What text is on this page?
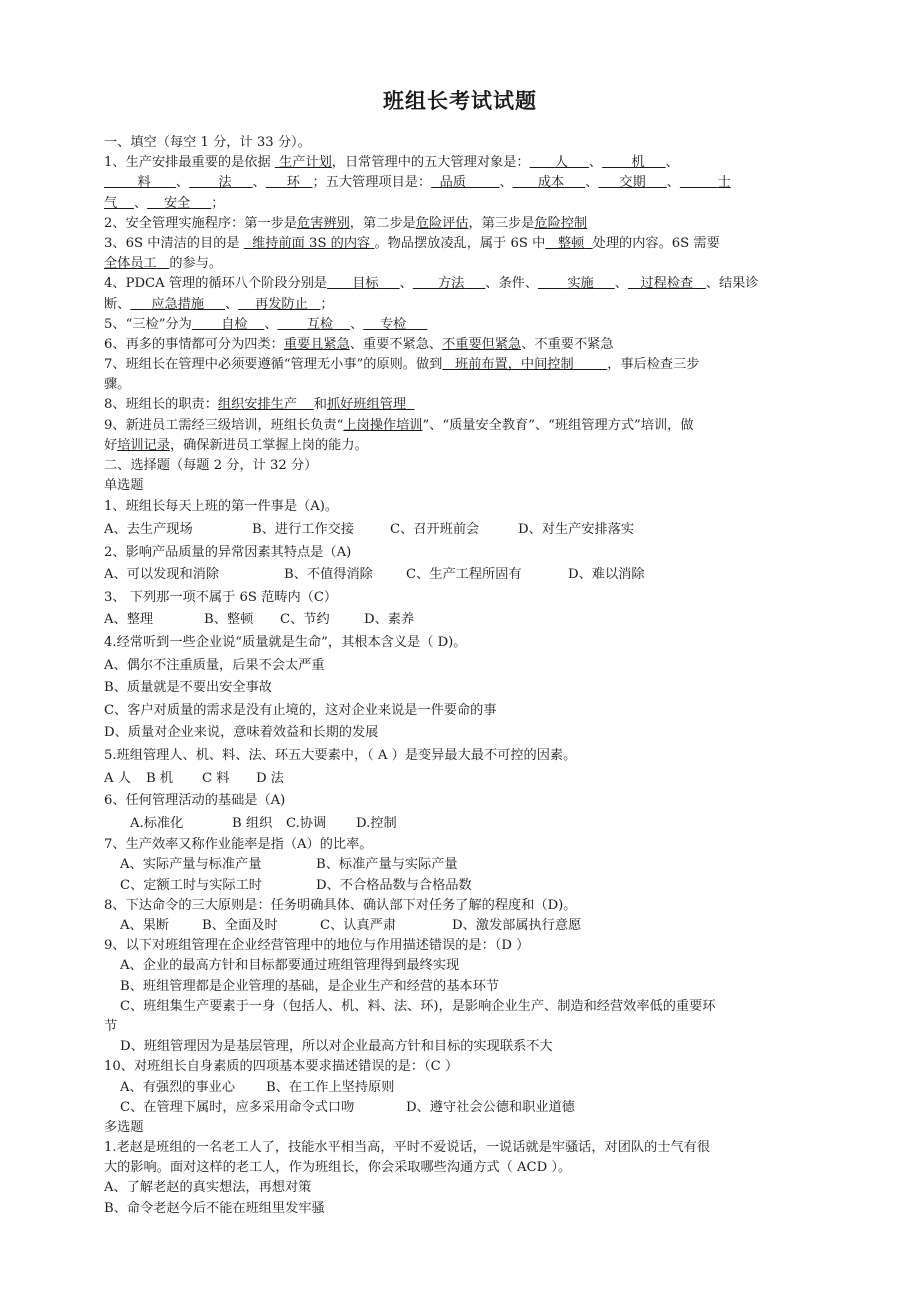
班组长考试试题
一、填空（每空 1 分，计 33 分）。
1、生产安排最重要的是依据 生产计划，日常管理中的五大管理对象是： 人 、 机 、
料 、 法 、 环 ；五大管理项目是： 品质	、 成本 、 交期 、	士
气 、 安全 ；
2、安全管理实施程序：第一步是危害辨别，第二步是危险评估，第三步是危险控制
3、6S 中清洁的目的是 维持前面 3S 的内容 。物品摆放凌乱，属于 6S 中 整顿 处理的内容。6S 需要
全体员工 的参与。
4、PDCA 管理的循环八个阶段分别是 目标 、 方法 、条件、 实施 、 过程检查 、结果诊
断、 应急措施 、 再发防止 ；
5、“三检”分为 自检 、 互检 、 专检
6、再多的事情都可分为四类：重要且紧急、重要不紧急、不重要但紧急、不重要不紧急
7、班组长在管理中必须要遵循“管理无小事”的原则。做到 班前布置，中间控制	，事后检查三步
骤。
8、班组长的职责：组织安排生产 和抓好班组管理
9、新进员工需经三级培训，班组长负责“上岗操作培训”、“质量安全教育”、“班组管理方式”培训，做
好培训记录，确保新进员工掌握上岗的能力。
二、选择题（每题 2 分，计 32 分）
单选题
1、班组长每天上班的第一件事是（A)。
A、去生产现场	B、进行工作交接	C、召开班前会	D、对生产安排落实
2、影响产品质量的异常因素其特点是（A)
A、可以发现和消除	B、不值得消除	C、生产工程所固有	D、难以消除
3、 下列那一项不属于 6S 范畴内（C）
A、整理	B、整顿 C、节约	D、素养
4.经常听到一些企业说“质量就是生命”，其根本含义是（ D)。
A、偶尔不注重质量，后果不会太严重
B、质量就是不要出安全事故
C、客户对质量的需求是没有止境的，这对企业来说是一件要命的事
D、质量对企业来说，意味着效益和长期的发展
5.班组管理人、机、料、法、环五大要素中，（ A ）是变异最大最不可控的因素。
A 人 B 机 C 料 D 法
6、任何管理活动的基础是（A)
A.标准化	B 组织 C.协调 D.控制
7、生产效率又称作业能率是指（A）的比率。
A、实际产量与标准产量	B、标准产量与实际产量
C、定额工时与实际工时	D、不合格品数与合格品数
8、下达命令的三大原则是：任务明确具体、确认部下对任务了解的程度和（D)。
A、果断 B、全面及时	C、认真严肃	D、激发部属执行意愿
9、以下对班组管理在企业经营管理中的地位与作用描述错误的是：（D ）
A、企业的最高方针和目标都要通过班组管理得到最终实现
B、班组管理都是企业管理的基础，是企业生产和经营的基本环节
C、班组集生产要素于一身（包括人、机、料、法、环)，是影响企业生产、制造和经营效率低的重要环
节
D、班组管理因为是基层管理，所以对企业最高方针和目标的实现联系不大
10、对班组长自身素质的四项基本要求描述错误的是：（C ）
A、有强烈的事业心 B、在工作上坚持原则
C、在管理下属时，应多采用命令式口吻	D、遵守社会公德和职业道德
多选题
1.老赵是班组的一名老工人了，技能水平相当高，平时不爱说话，一说话就是牢骚话，对团队的士气有很
大的影响。面对这样的老工人，作为班组长，你会采取哪些沟通方式（ ACD ）。
A、了解老赵的真实想法，再想对策
B、命令老赵今后不能在班组里发牢骚
